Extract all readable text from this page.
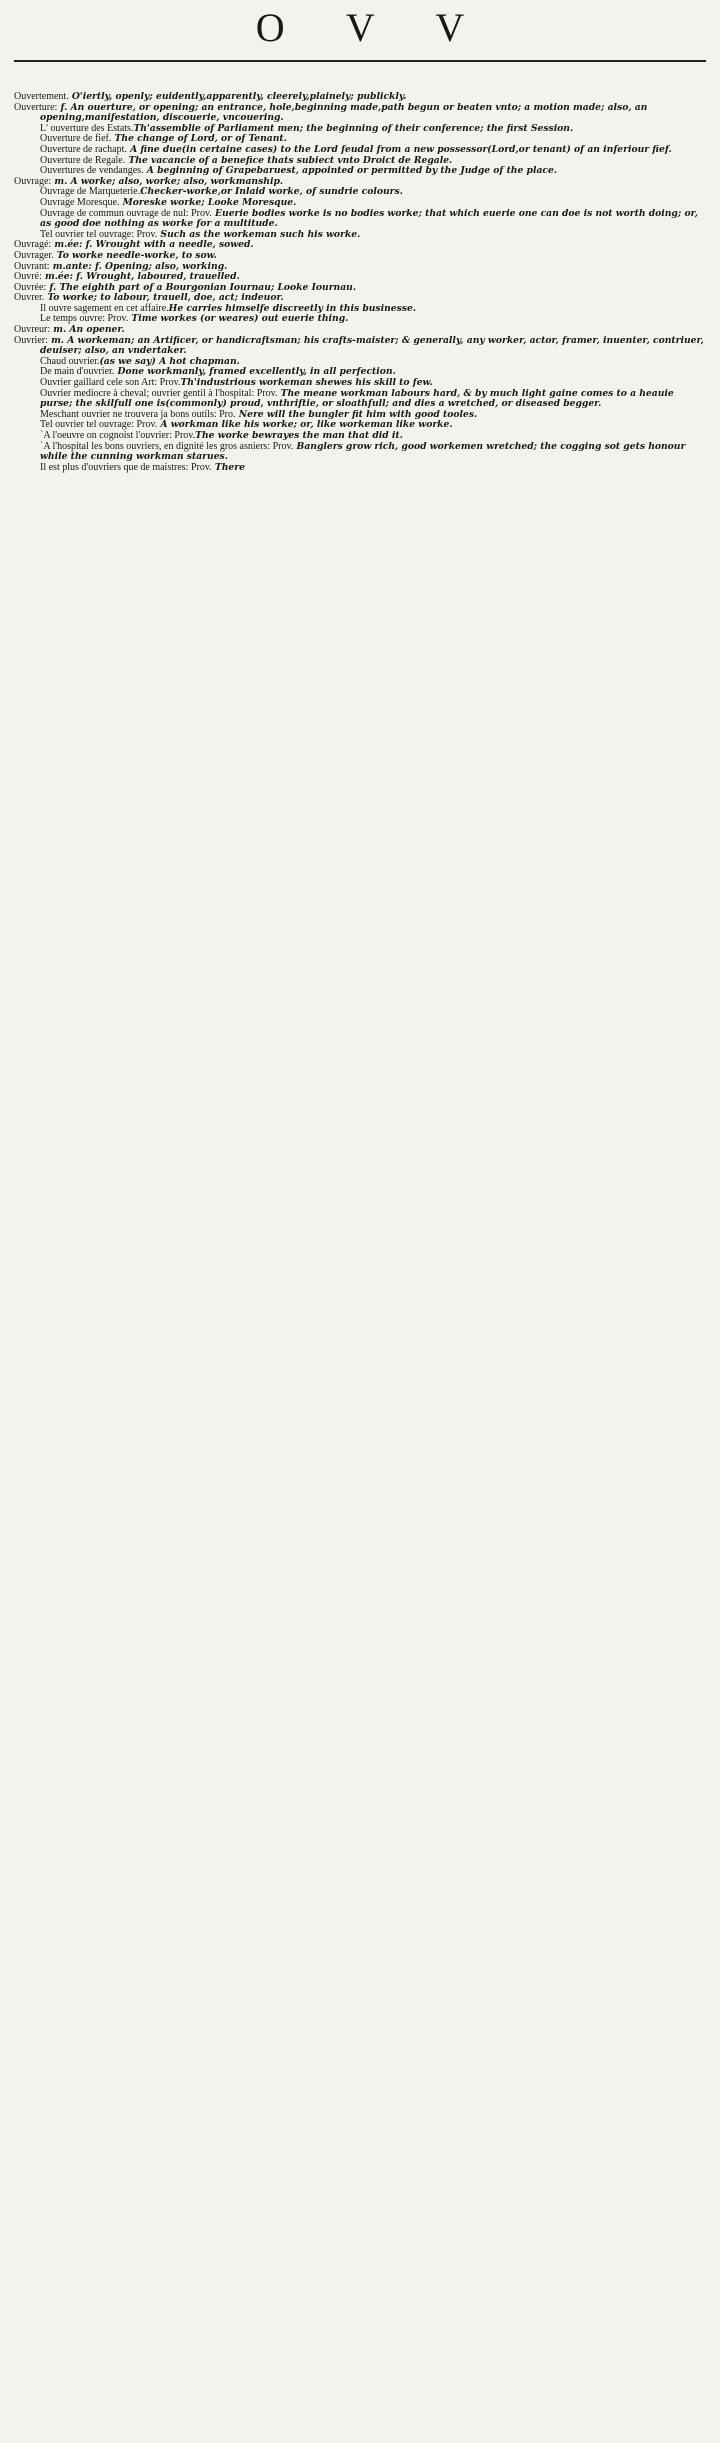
O V V

Ouvertement. O'iertly, openly; euidently,apparently, cleerely,plainely; publickly.

Ouverture: f. An ouerture, or opening; an entrance, hole,beginning made,path begun or beaten vnto; a motion made; also, an opening,manifestation, discouerie, vncouering.

L' ouverture des Estats.Th'assemblie of Parliament men; the beginning of their conference; the first Session.

Ouverture de fief. The change of Lord, or of Tenant.

Ouverture de rachapt. A fine due(in certaine cases) to the Lord feudal from a new possessor(Lord,or tenant) of an inferiour fief.

Ouverture de Regale. The vacancie of a benefice thats subiect vnto Droict de Regale.

Ouvertures de vendanges. A beginning of Grapebaruest, appointed or permitted by the Judge of the place.

Ouvrage: m. A worke; also, worke; also, workmanship.

Ouvrage de Marqueterie.Checker-worke,or Inlaid worke, of sundrie colours.

Ouvrage Moresque. Moreske worke; Looke Moresque.

Ouvrage de commun ouvrage de nul: Prov. Euerie bodies worke is no bodies worke; that which euerie one can doe is not worth doing; or, as good doe nothing as worke for a multitude.

Tel ouvrier tel ouvrage: Prov. Such as the workeman such his worke.

Ouvragé: m.ée: f. Wrought with a needle, sowed.

Ouvrager. To worke needle-worke, to sow.

Ouvrant: m.ante: f. Opening; also, working.

Ouvré: m.ée: f. Wrought, laboured, trauelled.

Ouvrée: f. The eighth part of a Bourgonian Iournau; Looke Iournau.

Ouvrer. To worke; to labour, trauell, doe, act; indeuor.

Il ouvre sagement en cet affaire.He carries himselfe discreetly in this businesse.

Le temps ouvre: Prov. Time workes (or weares) out euerie thing.

Ouvreur: m. An opener.

Ouvrier: m. A workeman; an Artificer, or handicraftsman; his crafts-maister; & generally, any worker, actor, framer, inuenter, contriuer, deuiser; also, an vndertaker.

Chaud ouvrier.(as we say) A hot chapman.

De main d'ouvrier. Done workmanly, framed excellently, in all perfection.

Ouvrier gaillard cele son Art: Prov.Th'industrious workeman shewes his skill to few.

Ouvrier mediocre à cheval; ouvrier gentil à l'hospital: Prov. The meane workman labours hard, & by much light gaine comes to a heauie purse; the skilfull one is(commonly) proud, vnthriftie, or sloathfull; and dies a wretched, or diseased begger.

Meschant ouvrier ne trouvera ja bons outils: Pro. Nere will the bungler fit him with good tooles.

Tel ouvrier tel ouvrage: Prov. A workman like his worke; or, like workeman like worke.

`A l'oeuvre on cognoist l'ouvrier: Prov.The worke bewrayes the man that did it.

`A l'hospital les bons ouvriers, en dignité les gros asniers: Prov. Banglers grow rich, good workemen wretched; the cogging sot gets honour while the cunning workman starues.

Il est plus d'ouvriers que de maistres: Prov. There
